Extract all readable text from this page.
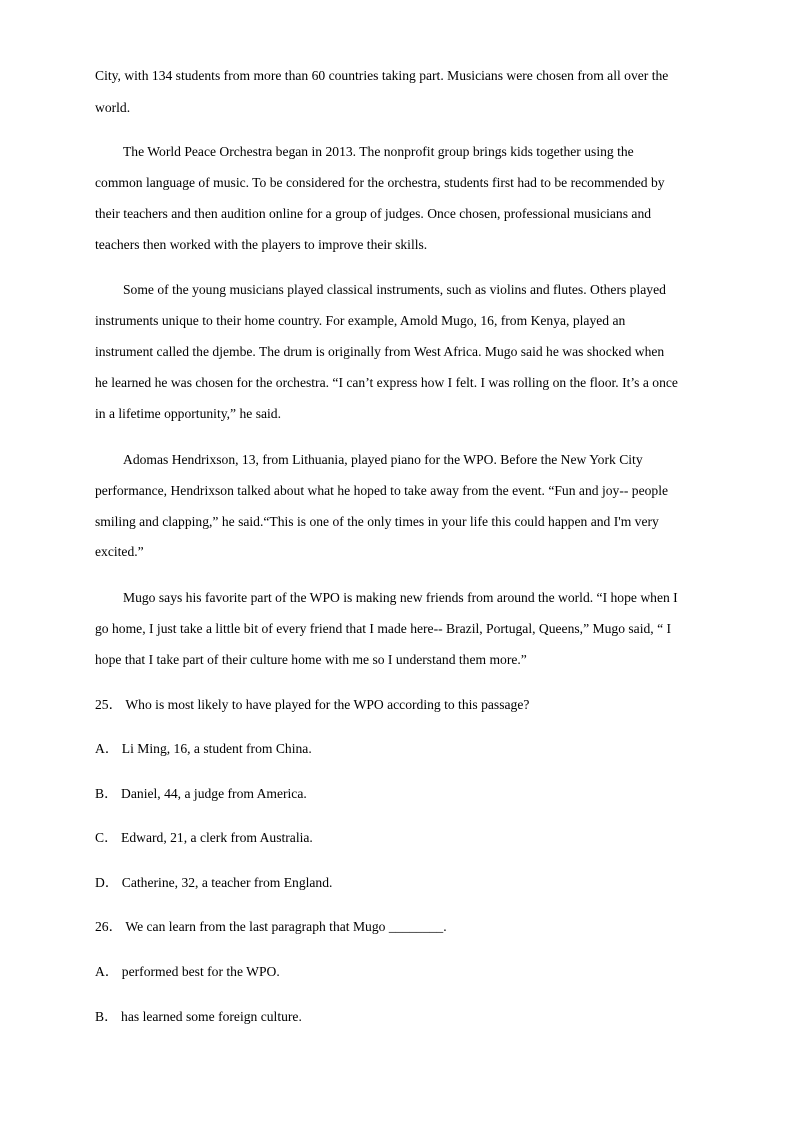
City, with 134 students from more than 60 countries taking part. Musicians were chosen from all over the
world.
The World Peace Orchestra began in 2013. The nonprofit group brings kids together using the
common language of music. To be considered for the orchestra, students first had to be recommended by
their teachers and then audition online for a group of judges. Once chosen, professional musicians and
teachers then worked with the players to improve their skills.
Some of the young musicians played classical instruments, such as violins and flutes. Others played
instruments unique to their home country. For example, Amold Mugo, 16, from Kenya, played an
instrument called the djembe. The drum is originally from West Africa. Mugo said he was shocked when
he learned he was chosen for the orchestra. “I can’t express how I felt. I was rolling on the floor. It’s a once
in a lifetime opportunity,” he said.
Adomas Hendrixson, 13, from Lithuania, played piano for the WPO. Before the New York City
performance, Hendrixson talked about what he hoped to take away from the event. “Fun and joy-- people
smiling and clapping,” he said.“This is one of the only times in your life this could happen and I'm very
excited.”
Mugo says his favorite part of the WPO is making new friends from around the world. “I hope when I
go home, I just take a little bit of every friend that I made here-- Brazil, Portugal, Queens,” Mugo said, “ I
hope that I take part of their culture home with me so I understand them more.”
25． Who is most likely to have played for the WPO according to this passage?
A． Li Ming, 16, a student from China.
B． Daniel, 44, a judge from America.
C． Edward, 21, a clerk from Australia.
D． Catherine, 32, a teacher from England.
26． We can learn from the last paragraph that Mugo ________.
A． performed best for the WPO.
B． has learned some foreign culture.
